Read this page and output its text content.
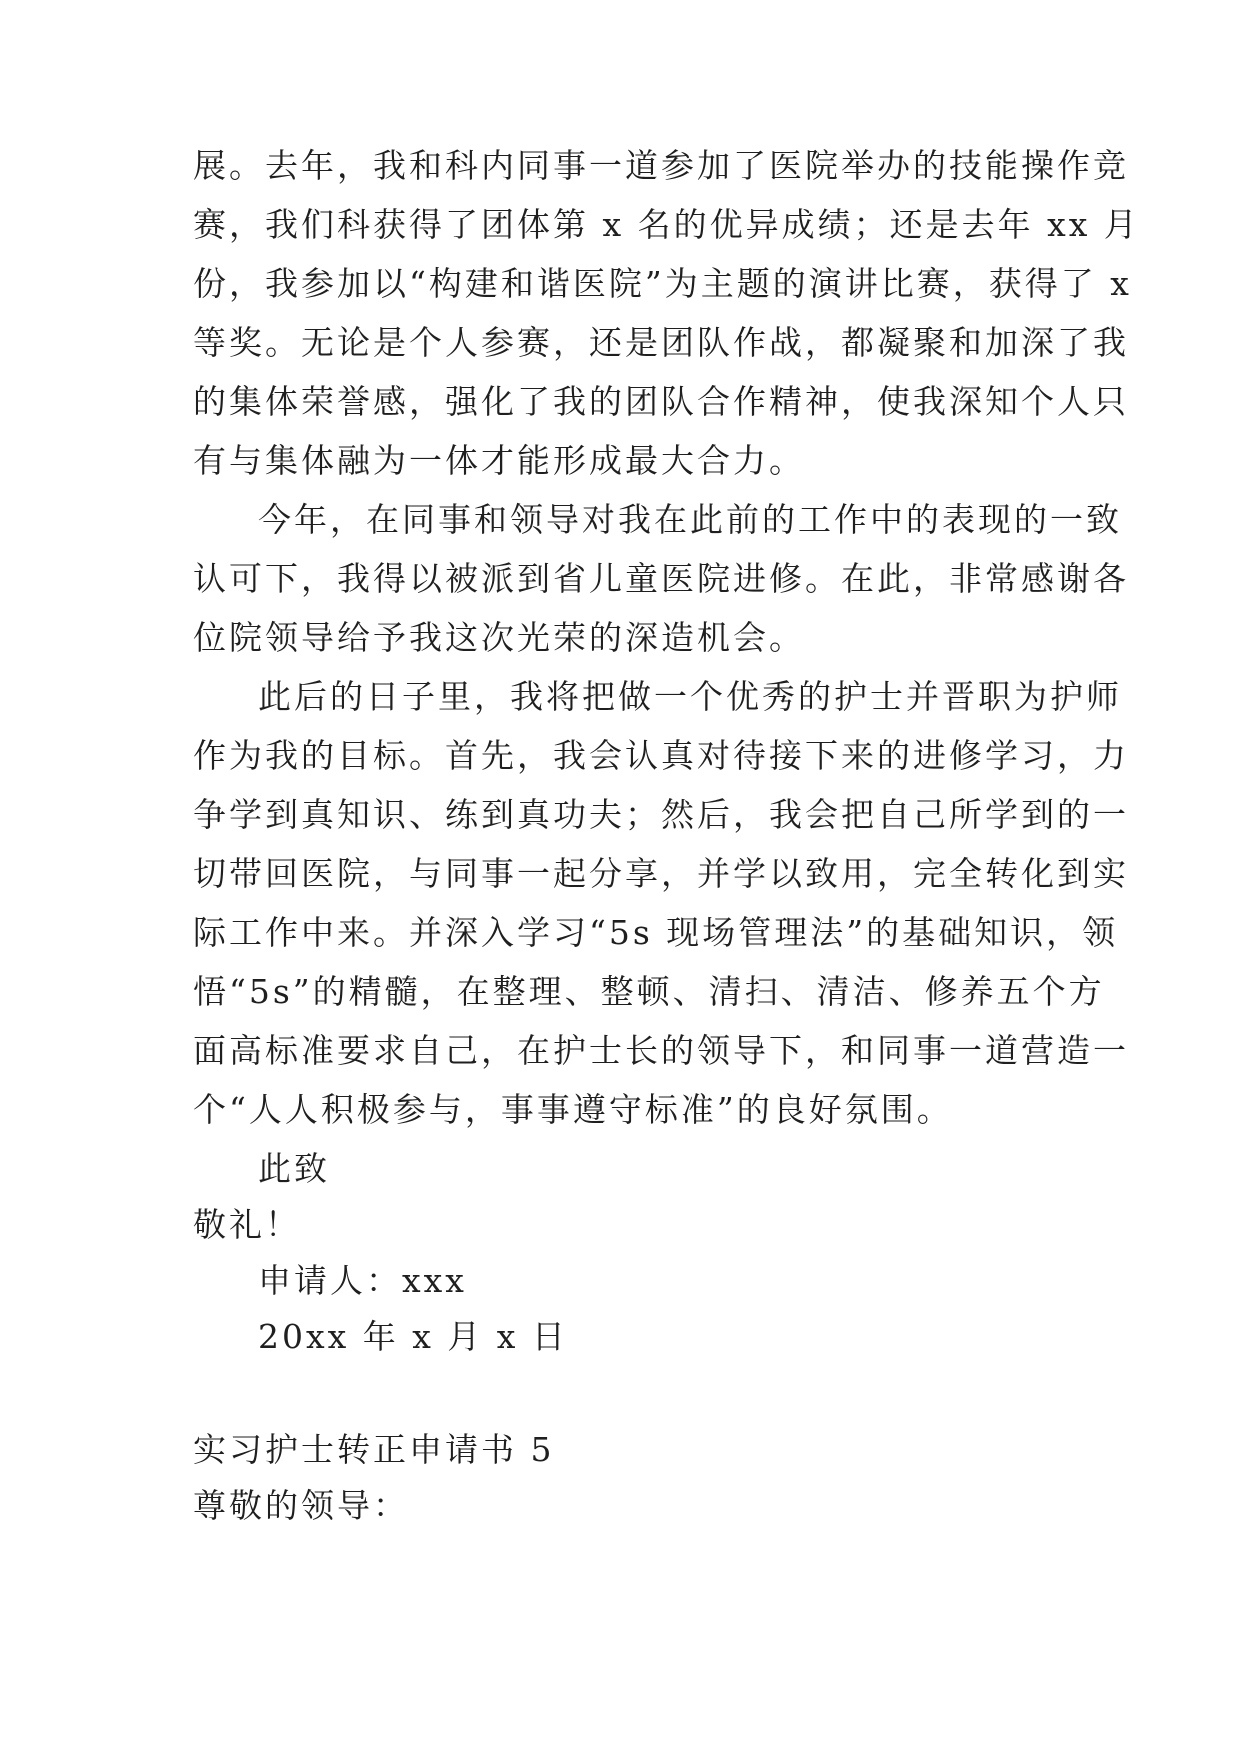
展。去年，我和科内同事一道参加了医院举办的技能操作竞
赛，我们科获得了团体第 x 名的优异成绩；还是去年 xx 月
份，我参加以“构建和谐医院”为主题的演讲比赛，获得了 x
等奖。无论是个人参赛，还是团队作战，都凝聚和加深了我
的集体荣誉感，强化了我的团队合作精神，使我深知个人只
有与集体融为一体才能形成最大合力。
今年，在同事和领导对我在此前的工作中的表现的一致
认可下，我得以被派到省儿童医院进修。在此，非常感谢各
位院领导给予我这次光荣的深造机会。
此后的日子里，我将把做一个优秀的护士并晋职为护师
作为我的目标。首先，我会认真对待接下来的进修学习，力
争学到真知识、练到真功夫；然后，我会把自己所学到的一
切带回医院，与同事一起分享，并学以致用，完全转化到实
际工作中来。并深入学习“5s 现场管理法”的基础知识，领
悟“5s”的精髓，在整理、整顿、清扫、清洁、修养五个方
面高标准要求自己，在护士长的领导下，和同事一道营造一
个“人人积极参与，事事遵守标准”的良好氛围。
此致
敬礼！
申请人：xxx
20xx 年 x 月 x 日
实习护士转正申请书 5
尊敬的领导：
